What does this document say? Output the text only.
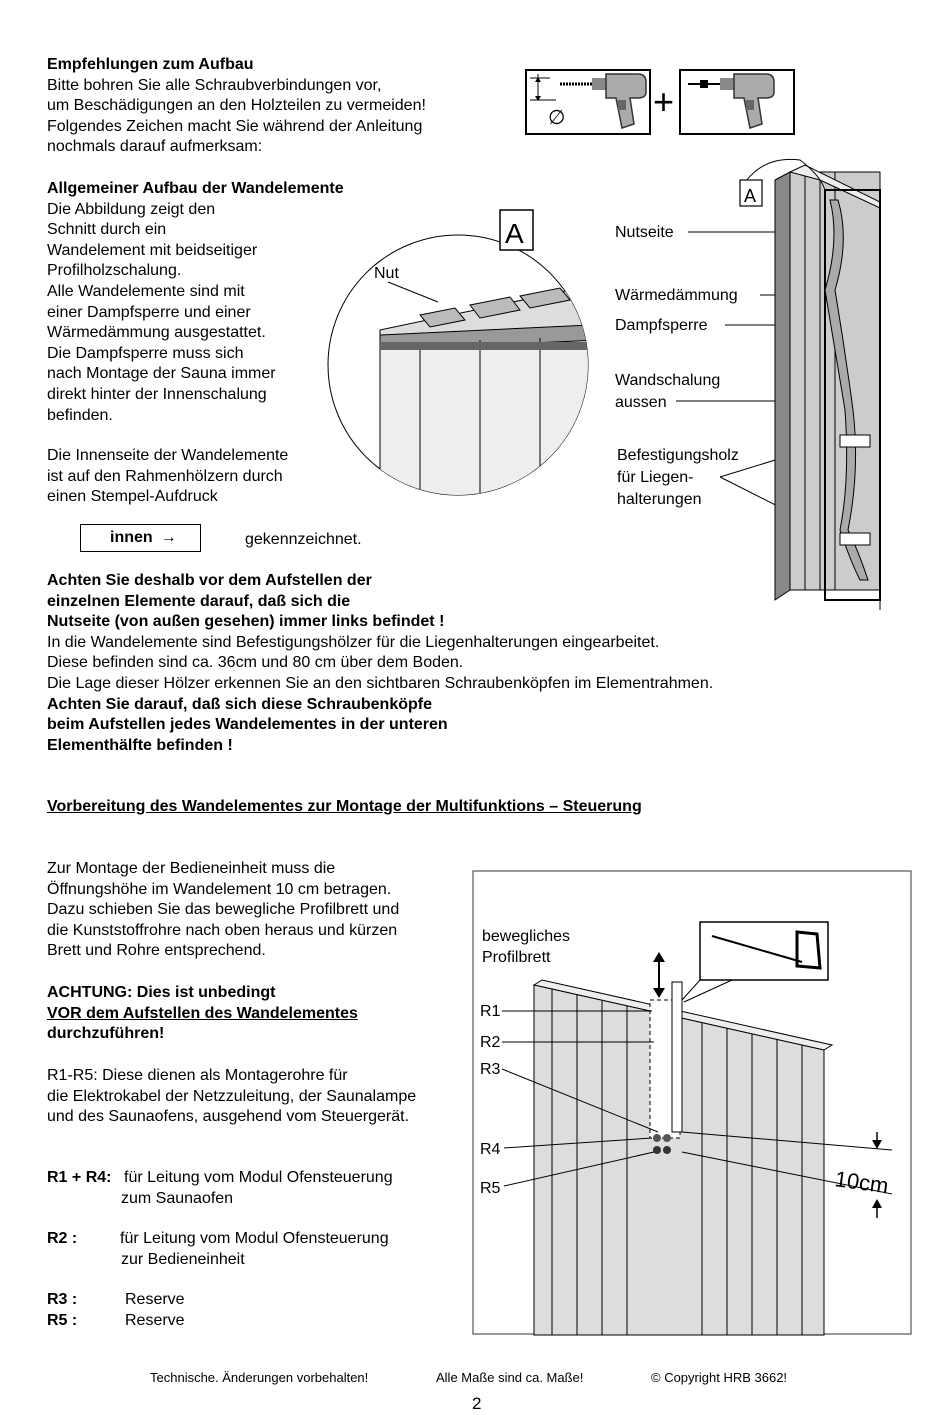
Empfehlungen zum Aufbau
Bitte bohren Sie alle Schraubverbindungen vor,
um Beschädigungen an den Holzteilen zu vermeiden!
Folgendes Zeichen macht Sie während der Anleitung
nochmals darauf aufmerksam:
∅ +
Allgemeiner Aufbau der Wandelemente
Die Abbildung zeigt den
Schnitt durch ein
Wandelement mit beidseitiger
Profilholzschalung.
Alle Wandelemente sind mit
einer Dampfsperre und einer
Wärmedämmung ausgestattet.
Die Dampfsperre muss sich
nach Montage der Sauna immer
direkt hinter der Innenschalung
befinden.
Die Innenseite der Wandelemente
ist auf den Rahmenhölzern durch
einen Stempel-Aufdruck
innen →	gekennzeichnet.
Achten Sie deshalb vor dem Aufstellen der
einzelnen Elemente darauf, daß sich die
Nutseite (von außen gesehen) immer links befindet !
In die Wandelemente sind Befestigungshölzer für die Liegenhalterungen eingearbeitet.
Diese befinden sind ca. 36cm und 80 cm über dem Boden.
Die Lage dieser Hölzer erkennen Sie an den sichtbaren Schraubenköpfen im Elementrahmen.
Achten Sie darauf, daß sich diese Schraubenköpfe
beim Aufstellen jedes Wandelementes in der unteren
Elementhälfte befinden !
Nut
A	Nutseite
Wärmedämmung
Dampfsperre
Wandschalung
aussen
Befestigungsholz
für Liegen-
halterungen
A
Vorbereitung des Wandelementes zur Montage der Multifunktions – Steuerung
Zur Montage der Bedieneinheit muss die
Öffnungshöhe im Wandelement 10 cm betragen.
Dazu schieben Sie das bewegliche Profilbrett und
die Kunststoffrohre nach oben heraus und kürzen
Brett und Rohre entsprechend.
ACHTUNG: Dies ist unbedingt
VOR dem Aufstellen des Wandelementes
durchzuführen!
R1-R5: Diese dienen als Montagerohre für
die Elektrokabel der Netzzuleitung, der Saunalampe
und des Saunaofens, ausgehend vom Steuergerät.
R1 + R4: für Leitung vom Modul Ofensteuerung
zum Saunaofen
R2 :	für Leitung vom Modul Ofensteuerung
zur Bedieneinheit
R3 :	Reserve
R5 :	Reserve
bewegliches
Profilbrett
R1
R2
R3
R4
R5	10cm
Technische. Änderungen vorbehalten!	Alle Maße sind ca. Maße!	© Copyright HRB 3662!
2
